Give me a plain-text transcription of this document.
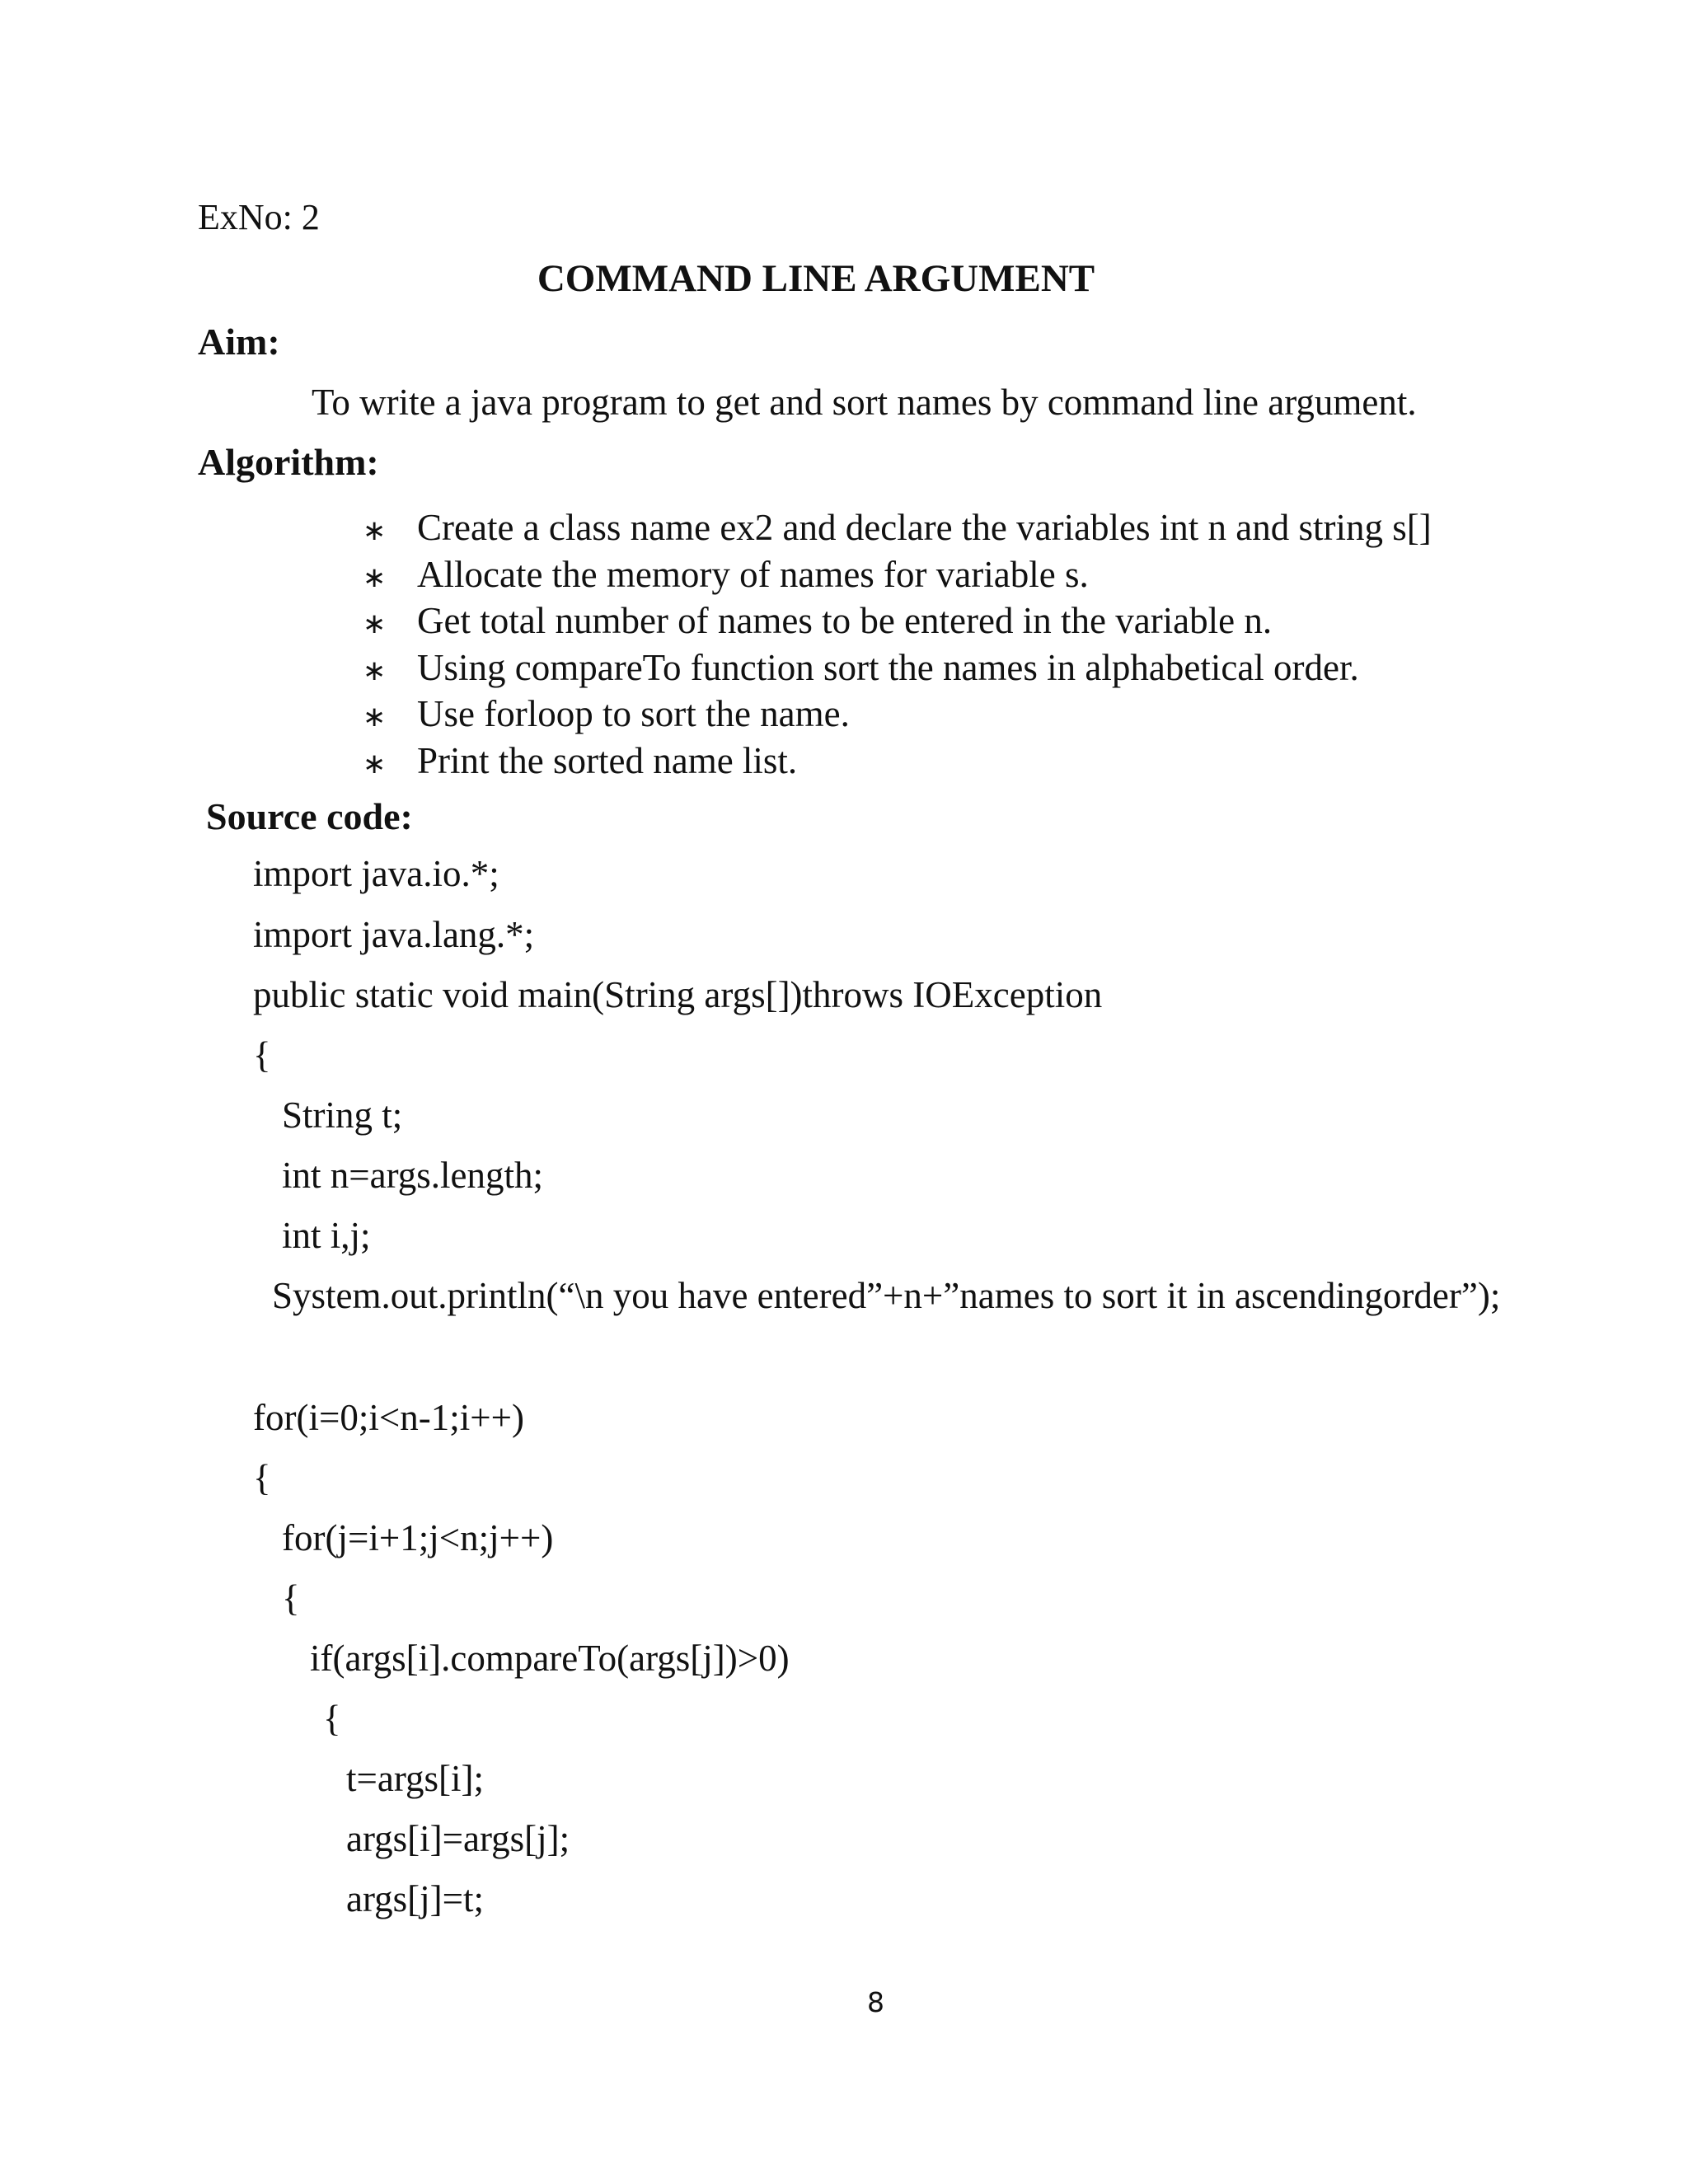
ExNo: 2
COMMAND LINE ARGUMENT
Aim:
To write a java program to get and sort names by command line argument.
Algorithm:
∗ Create a class name ex2 and declare the variables int n and string s[]
∗ Allocate the memory of names for variable s.
∗ Get total number of names to be entered in the variable n.
∗ Using compareTo function sort the names in alphabetical order.
∗ Use forloop to sort the name.
∗ Print the sorted name list.
Source code:
import java.io.*;
import java.lang.*;
public static void main(String args[])throws IOException
{
String t;
int n=args.length;
int i,j;
System.out.println(“\n you have entered”+n+”names to sort it in ascendingorder”);
for(i=0;i<n-1;i++)
{
for(j=i+1;j<n;j++)
{
if(args[i].compareTo(args[j])>0)
{
t=args[i];
args[i]=args[j];
args[j]=t;
8
